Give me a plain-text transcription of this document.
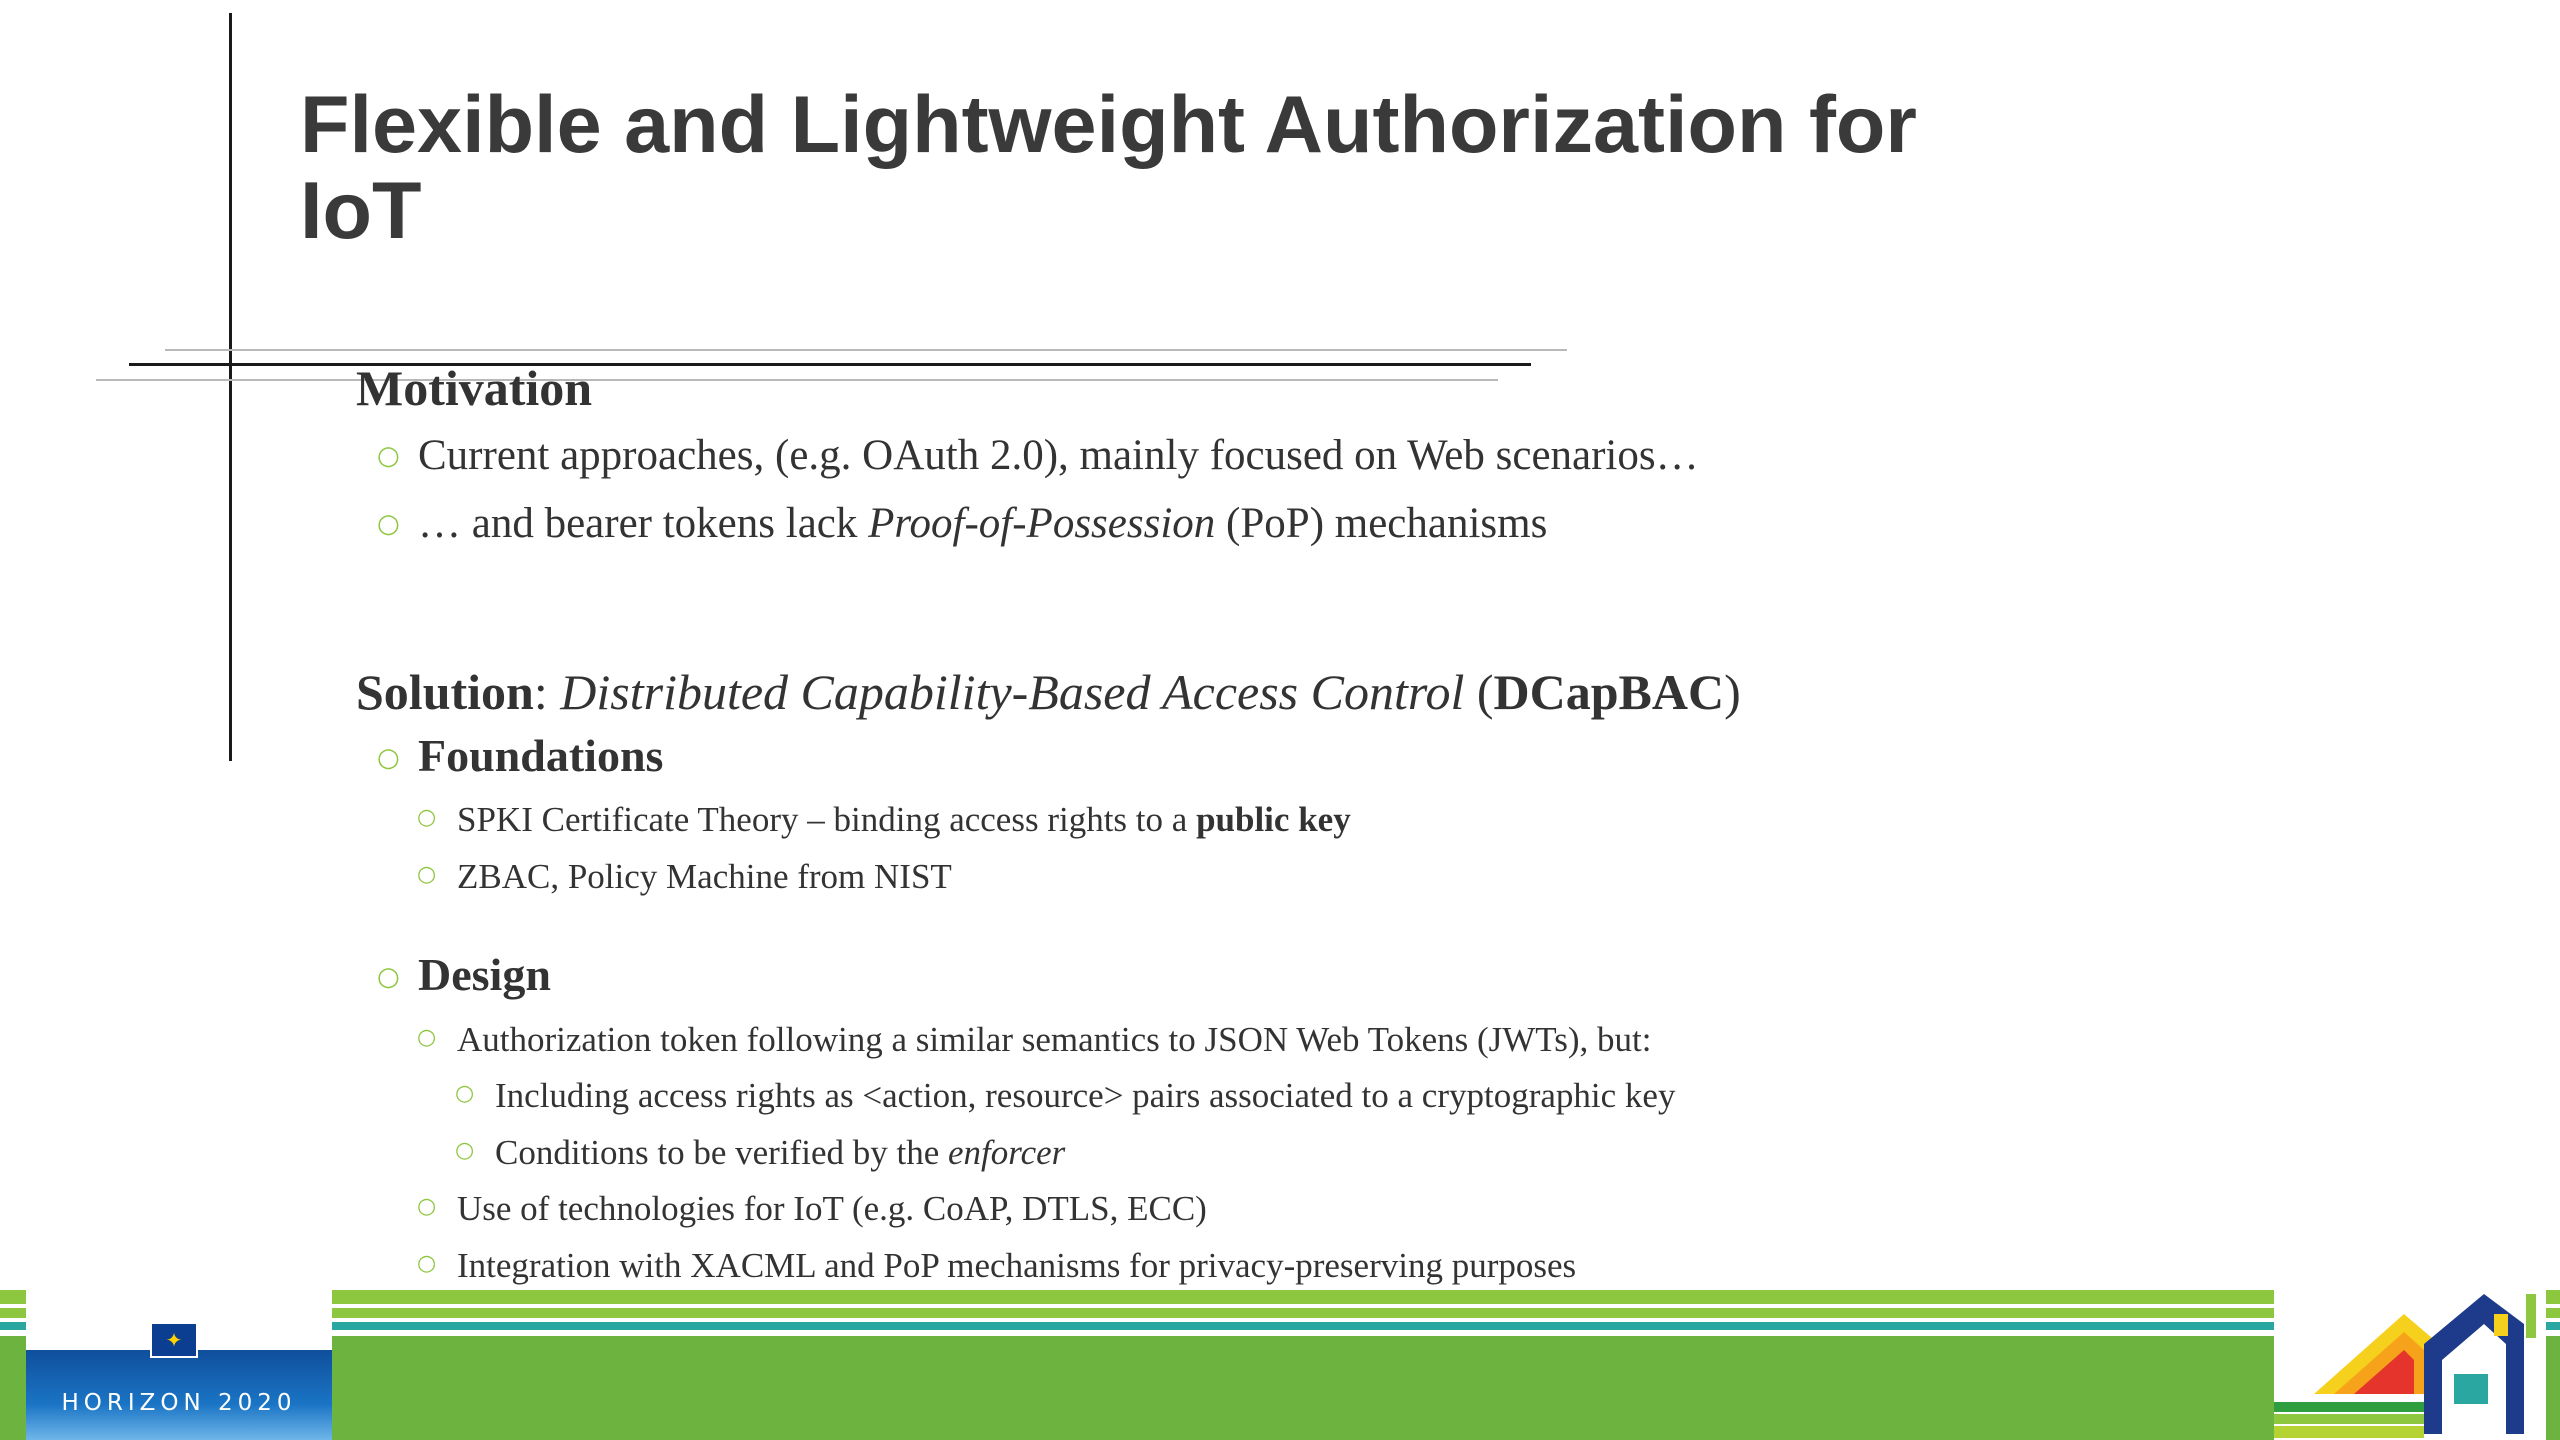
Flexible and Lightweight Authorization for
IoT
Motivation
○ Current approaches, (e.g. OAuth 2.0), mainly focused on Web scenarios…
○ … and bearer tokens lack Proof-of-Possession (PoP) mechanisms
Solution: Distributed Capability-Based Access Control (DCapBAC)
○ Foundations
○ SPKI Certificate Theory – binding access rights to a public key
○ ZBAC, Policy Machine from NIST
○ Design
○ Authorization token following a similar semantics to JSON Web Tokens (JWTs), but:
○ Including access rights as <action, resource> pairs associated to a cryptographic key
○ Conditions to be verified by the enforcer
○ Use of technologies for IoT (e.g. CoAP, DTLS, ECC)
○ Integration with XACML and PoP mechanisms for privacy-preserving purposes
✦
HORIZON 2020
